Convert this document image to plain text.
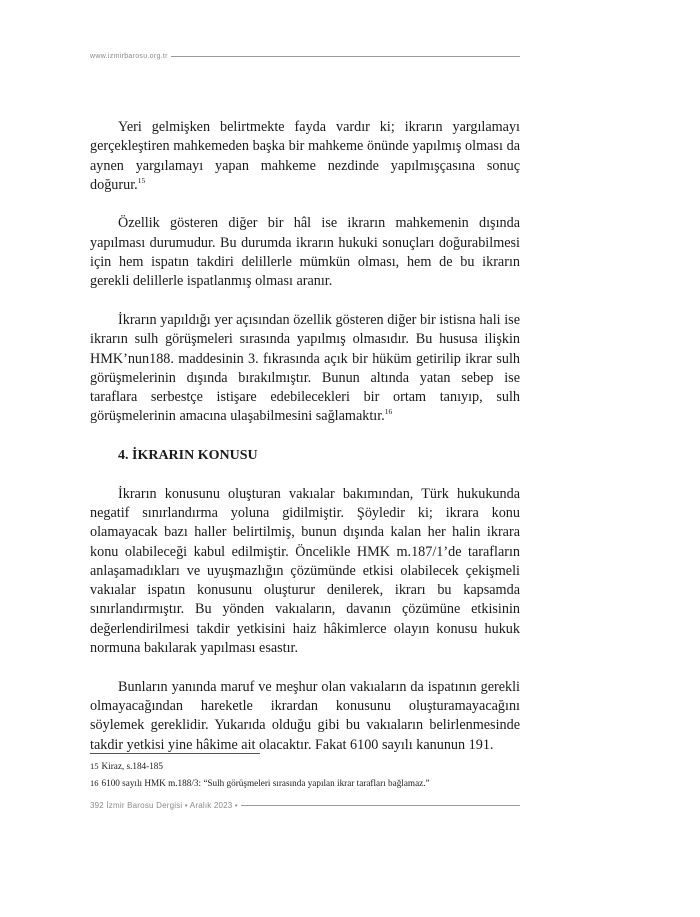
www.izmirbarosu.org.tr

Yeri gelmişken belirtmekte fayda vardır ki; ikrarın yargılamayı gerçekleştiren mahkemeden başka bir mahkeme önünde yapılmış olması da aynen yargılamayı yapan mahkeme nezdinde yapılmışçasına sonuç doğurur.$^{15}$

Özellik gösteren diğer bir hâl ise ikrarın mahkemenin dışında yapılması durumudur. Bu durumda ikrarın hukuki sonuçları doğurabilmesi için hem ispatın takdiri delillerle mümkün olması, hem de bu ikrarın gerekli delillerle ispatlanmış olması aranır.

İkrarın yapıldığı yer açısından özellik gösteren diğer bir istisna hali ise ikrarın sulh görüşmeleri sırasında yapılmış olmasıdır. Bu hususa ilişkin HMK’nun188. maddesinin 3. fıkrasında açık bir hüküm getirilip ikrar sulh görüşmelerinin dışında bırakılmıştır. Bunun altında yatan sebep ise taraflara serbestçe istişare edebilecekleri bir ortam tanıyıp, sulh görüşmelerinin amacına ulaşabilmesini sağlamaktır.$^{16}$

4. İKRARIN KONUSU

İkrarın konusunu oluşturan vakıalar bakımından, Türk hukukunda negatif sınırlandırma yoluna gidilmiştir. Şöyledir ki; ikrara konu olamayacak bazı haller belirtilmiş, bunun dışında kalan her halin ikrara konu olabileceği kabul edilmiştir. Öncelikle HMK m.187/1’de tarafların anlaşamadıkları ve uyuşmazlığın çözümünde etkisi olabilecek çekişmeli vakıalar ispatın konusunu oluşturur denilerek, ikrarı bu kapsamda sınırlandırmıştır. Bu yönden vakıaların, davanın çözümüne etkisinin değerlendirilmesi takdir yetkisini haiz hâkimlerce olayın konusu hukuk normuna bakılarak yapılması esastır.

Bunların yanında maruf ve meşhur olan vakıaların da ispatının gerekli olmayacağından hareketle ikrardan konusunu oluşturamayacağını söylemek gereklidir. Yukarıda olduğu gibi bu vakıaların belirlenmesinde takdir yetkisi yine hâkime ait olacaktır. Fakat 6100 sayılı kanunun 191.

15 Kiraz, s.184-185

16 6100 sayılı HMK m.188/3: “Sulh görüşmeleri sırasında yapılan ikrar tarafları bağlamaz.”

392 İzmir Barosu Dergisi • Aralık 2023 •
